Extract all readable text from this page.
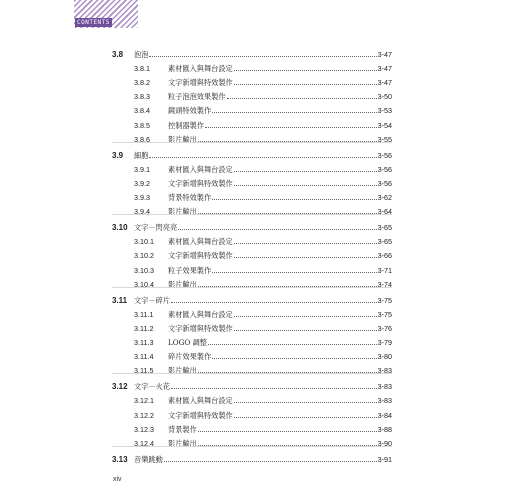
CONTENTS
3.8	泡泡	3-47
3.8.1	素材匯入與舞台設定	3-47
3.8.2	文字新增與特效製作	3-47
3.8.3	粒子泡泡效果製作	3-50
3.8.4	鏡頭特效製作	3-53
3.8.5	控制器製作	3-54
3.8.6	影片輸出	3-55
3.9	細胞	3-56
3.9.1	素材匯入與舞台設定	3-56
3.9.2	文字新增與特效製作	3-56
3.9.3	背景特效製作	3-62
3.9.4	影片輸出	3-64
3.10 文字－閃亮亮	3-65
3.10.1	素材匯入與舞台設定	3-65
3.10.2	文字新增與特效製作	3-66
3.10.3	粒子效果製作	3-71
3.10.4	影片輸出	3-74
3.11 文字－碎片	3-75
3.11.1	素材匯入與舞台設定	3-75
3.11.2	文字新增與特效製作	3-76
3.11.3	LOGO 調整	3-79
3.11.4	碎片效果製作	3-80
3.11.5	影片輸出	3-83
3.12 文字－火花	3-83
3.12.1	素材匯入與舞台設定	3-83
3.12.2	文字新增與特效製作	3-84
3.12.3	背景製作	3-88
3.12.4	影片輸出	3-90
3.13 音樂跳動	3-91
xiv
